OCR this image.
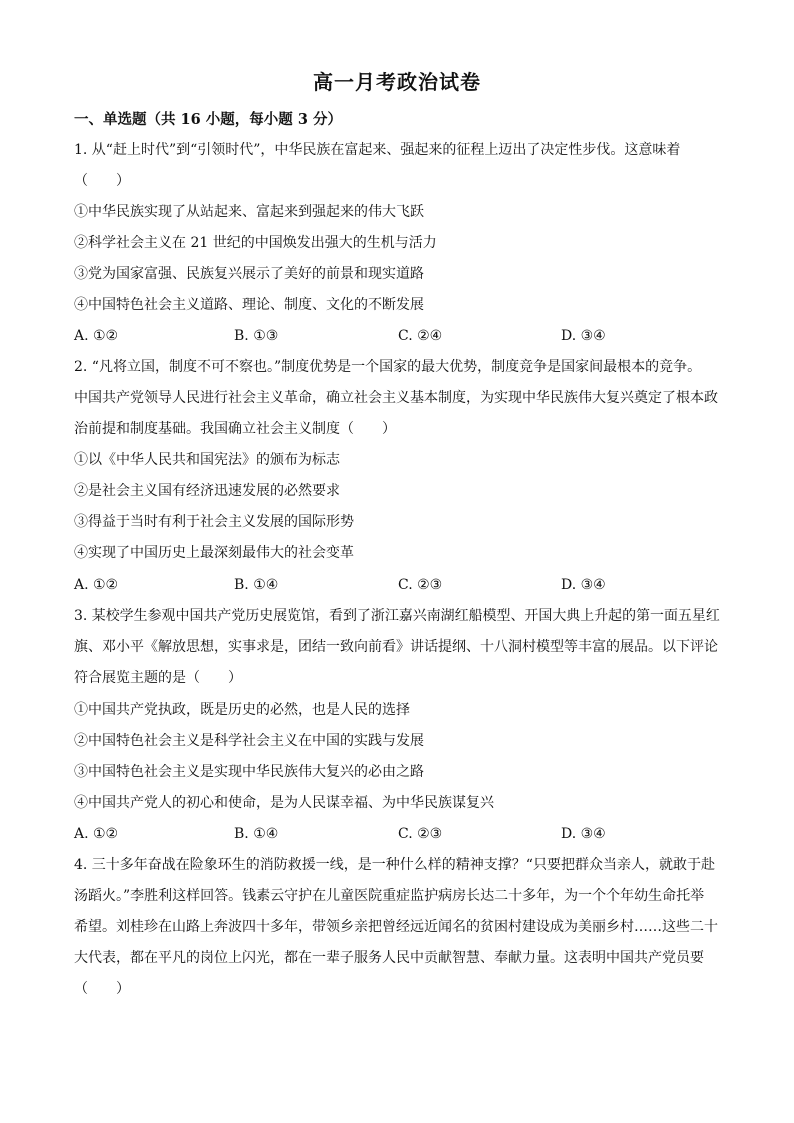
高一月考政治试卷
一、单选题（共 16 小题，每小题 3 分）
1. 从“赶上时代”到“引领时代”，中华民族在富起来、强起来的征程上迈出了决定性步伐。这意味着
（　　）
①中华民族实现了从站起来、富起来到强起来的伟大飞跃
②科学社会主义在 21 世纪的中国焕发出强大的生机与活力
③党为国家富强、民族复兴展示了美好的前景和现实道路
④中国特色社会主义道路、理论、制度、文化的不断发展
A. ①②	B. ①③	C. ②④	D. ③④
2. “凡将立国，制度不可不察也。”制度优势是一个国家的最大优势，制度竞争是国家间最根本的竞争。
中国共产党领导人民进行社会主义革命，确立社会主义基本制度，为实现中华民族伟大复兴奠定了根本政
治前提和制度基础。我国确立社会主义制度（　　）
①以《中华人民共和国宪法》的颁布为标志
②是社会主义国有经济迅速发展的必然要求
③得益于当时有利于社会主义发展的国际形势
④实现了中国历史上最深刻最伟大的社会变革
A. ①②	B. ①④	C. ②③	D. ③④
3. 某校学生参观中国共产党历史展览馆，看到了浙江嘉兴南湖红船模型、开国大典上升起的第一面五星红
旗、邓小平《解放思想，实事求是，团结一致向前看》讲话提纲、十八洞村模型等丰富的展品。以下评论
符合展览主题的是（　　）
①中国共产党执政，既是历史的必然，也是人民的选择
②中国特色社会主义是科学社会主义在中国的实践与发展
③中国特色社会主义是实现中华民族伟大复兴的必由之路
④中国共产党人的初心和使命，是为人民谋幸福、为中华民族谋复兴
A. ①②	B. ①④	C. ②③	D. ③④
4. 三十多年奋战在险象环生的消防救援一线，是一种什么样的精神支撑？“只要把群众当亲人，就敢于赴
汤蹈火。”李胜利这样回答。钱素云守护在儿童医院重症监护病房长达二十多年，为一个个年幼生命托举
希望。刘桂珍在山路上奔波四十多年，带领乡亲把曾经远近闻名的贫困村建设成为美丽乡村……这些二十
大代表，都在平凡的岗位上闪光，都在一辈子服务人民中贡献智慧、奉献力量。这表明中国共产党员要
（　　）
